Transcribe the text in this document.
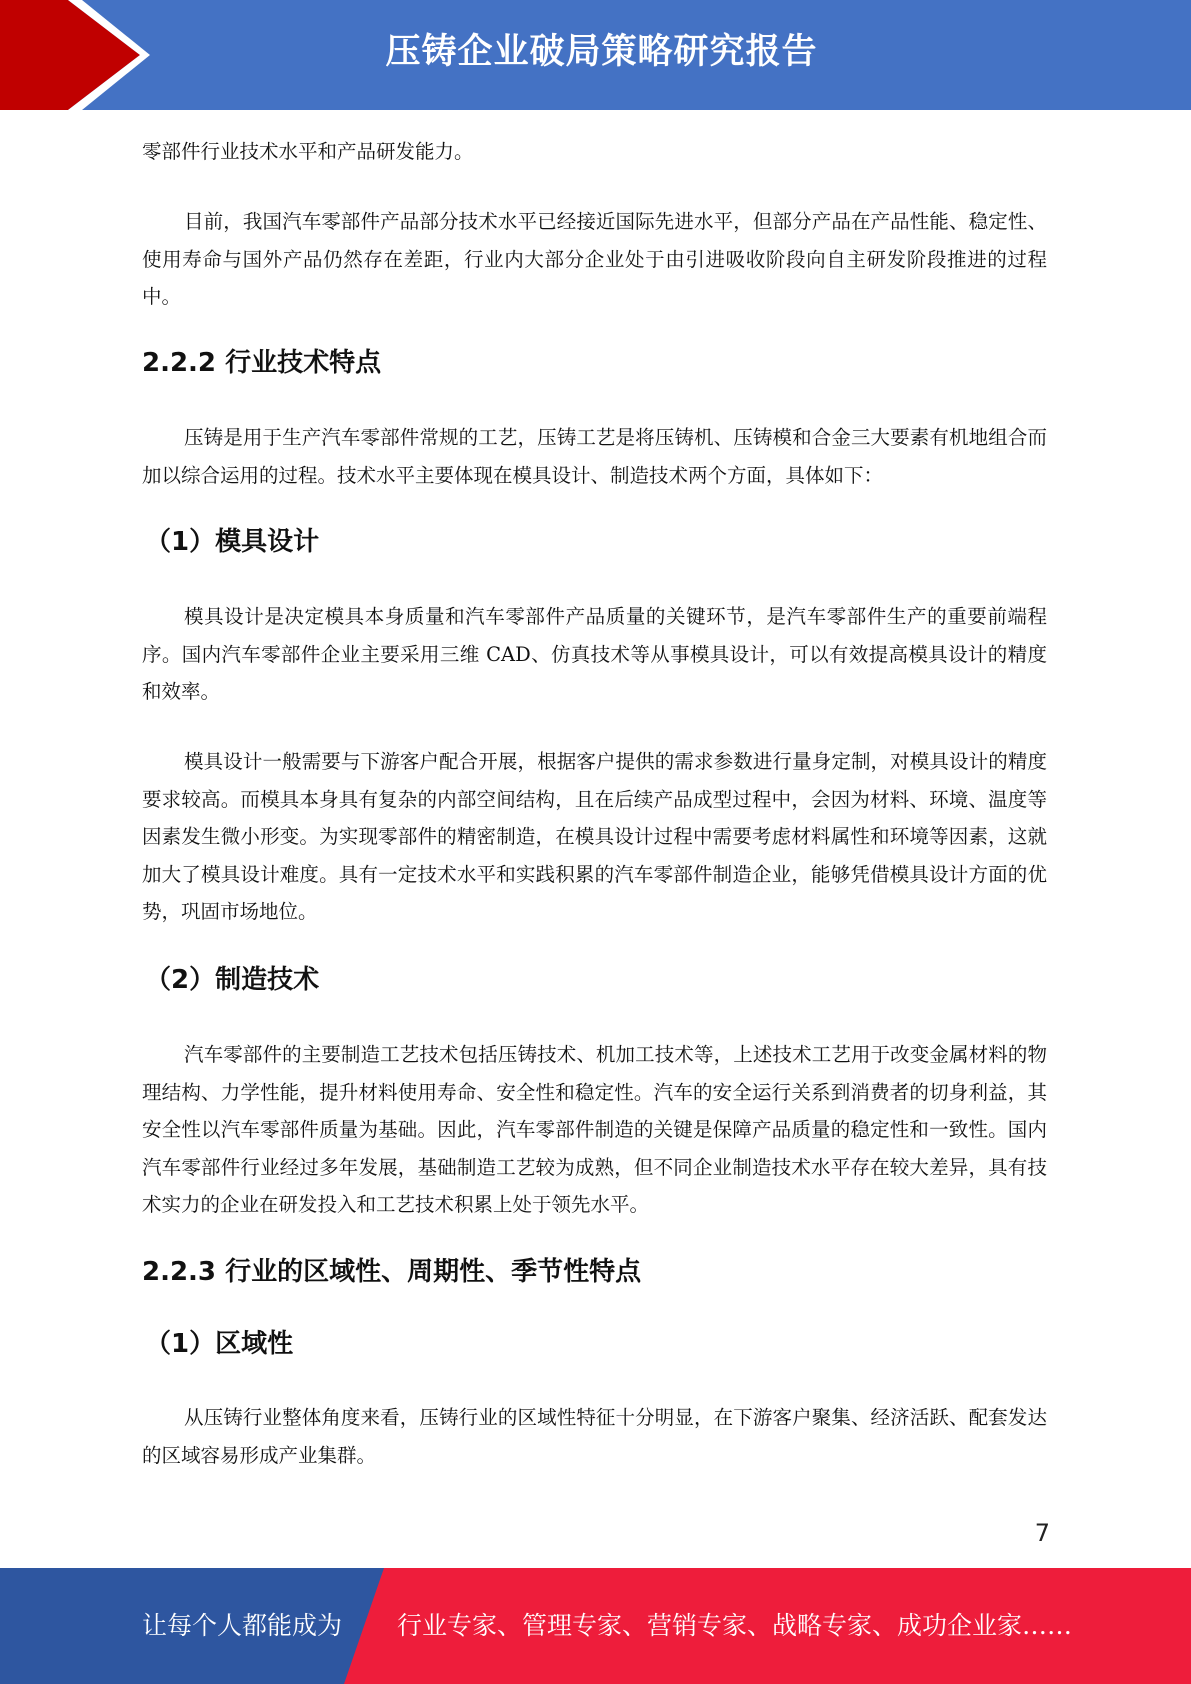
压铸企业破局策略研究报告

零部件行业技术水平和产品研发能力。

目前，我国汽车零部件产品部分技术水平已经接近国际先进水平，但部分产品在产品性能、稳定性、使用寿命与国外产品仍然存在差距，行业内大部分企业处于由引进吸收阶段向自主研发阶段推进的过程中。

2.2.2 行业技术特点

压铸是用于生产汽车零部件常规的工艺，压铸工艺是将压铸机、压铸模和合金三大要素有机地组合而加以综合运用的过程。技术水平主要体现在模具设计、制造技术两个方面，具体如下：

（1）模具设计

模具设计是决定模具本身质量和汽车零部件产品质量的关键环节，是汽车零部件生产的重要前端程序。国内汽车零部件企业主要采用三维 CAD、仿真技术等从事模具设计，可以有效提高模具设计的精度和效率。

模具设计一般需要与下游客户配合开展，根据客户提供的需求参数进行量身定制，对模具设计的精度要求较高。而模具本身具有复杂的内部空间结构，且在后续产品成型过程中，会因为材料、环境、温度等因素发生微小形变。为实现零部件的精密制造，在模具设计过程中需要考虑材料属性和环境等因素，这就加大了模具设计难度。具有一定技术水平和实践积累的汽车零部件制造企业，能够凭借模具设计方面的优势，巩固市场地位。

（2）制造技术

汽车零部件的主要制造工艺技术包括压铸技术、机加工技术等，上述技术工艺用于改变金属材料的物理结构、力学性能，提升材料使用寿命、安全性和稳定性。汽车的安全运行关系到消费者的切身利益，其安全性以汽车零部件质量为基础。因此，汽车零部件制造的关键是保障产品质量的稳定性和一致性。国内汽车零部件行业经过多年发展，基础制造工艺较为成熟，但不同企业制造技术水平存在较大差异，具有技术实力的企业在研发投入和工艺技术积累上处于领先水平。

2.2.3 行业的区域性、周期性、季节性特点
（1）区域性

从压铸行业整体角度来看，压铸行业的区域性特征十分明显，在下游客户聚集、经济活跃、配套发达的区域容易形成产业集群。

7
让每个人都能成为 行业专家、管理专家、营销专家、战略专家、成功企业家……
